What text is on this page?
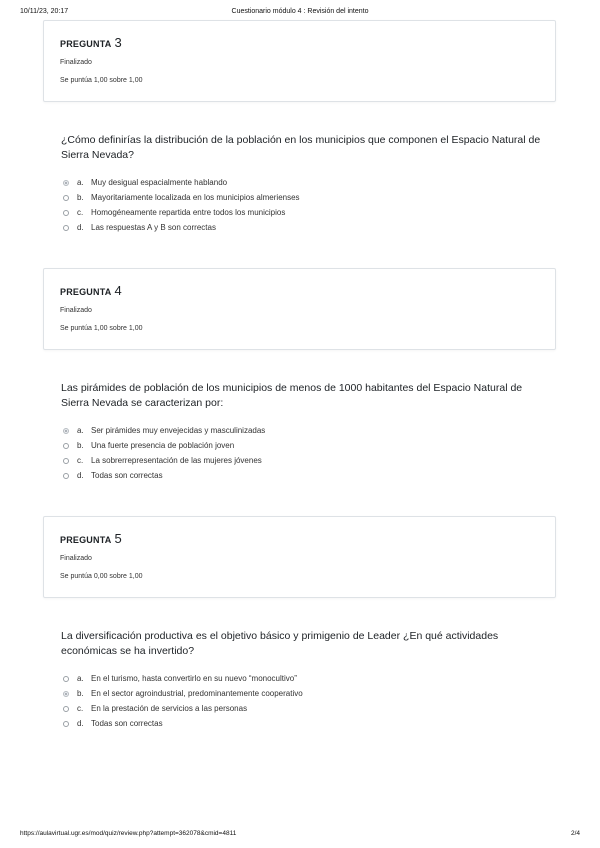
10/11/23, 20:17	Cuestionario módulo 4 : Revisión del intento
PREGUNTA 3
Finalizado
Se puntúa 1,00 sobre 1,00
¿Cómo definirías la distribución de la población en los municipios que componen el Espacio Natural de Sierra Nevada?
a. Muy desigual espacialmente hablando
b. Mayoritariamente localizada en los municipios almerienses
c. Homogéneamente repartida entre todos los municipios
d. Las respuestas A y B son correctas
PREGUNTA 4
Finalizado
Se puntúa 1,00 sobre 1,00
Las pirámides de población de los municipios de menos de 1000 habitantes del Espacio Natural de Sierra Nevada se caracterizan por:
a. Ser pirámides muy envejecidas y masculinizadas
b. Una fuerte presencia de población joven
c. La sobrerrepresentación de las mujeres jóvenes
d. Todas son correctas
PREGUNTA 5
Finalizado
Se puntúa 0,00 sobre 1,00
La diversificación productiva es el objetivo básico y primigenio de Leader ¿En qué actividades económicas se ha invertido?
a. En el turismo, hasta convertirlo en su nuevo “monocultivo”
b. En el sector agroindustrial, predominantemente cooperativo
c. En la prestación de servicios a las personas
d. Todas son correctas
https://aulavirtual.ugr.es/mod/quiz/review.php?attempt=362078&cmid=4811	2/4
